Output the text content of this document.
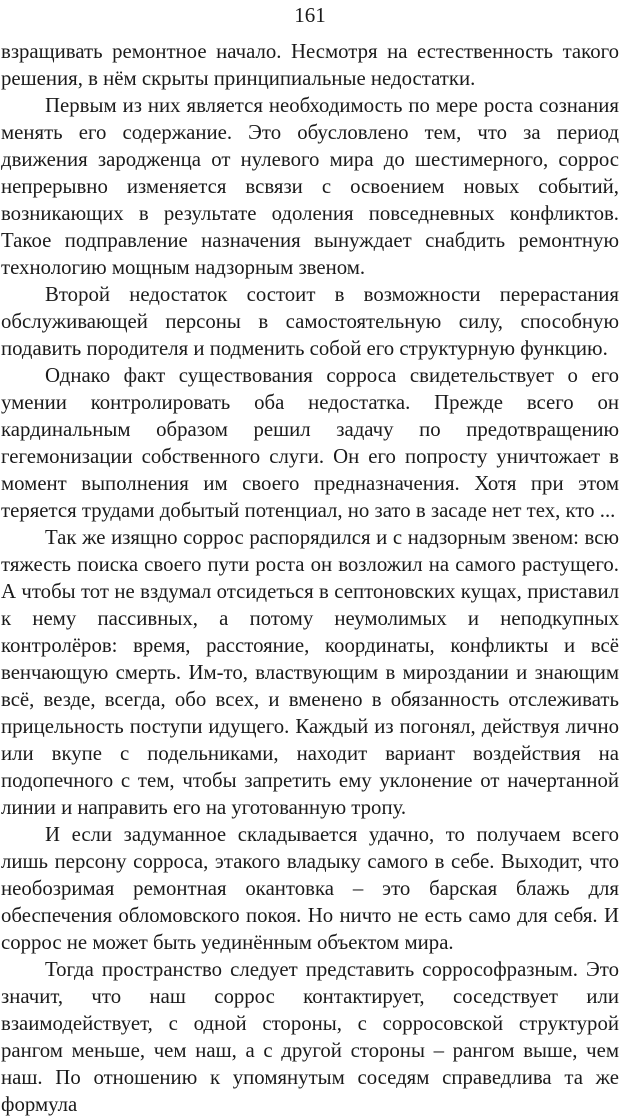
161

взращивать ремонтное начало. Несмотря на естественность такого решения, в нём скрыты принципиальные недостатки.

Первым из них является необходимость по мере роста сознания менять его содержание. Это обусловлено тем, что за период движения зародженца от нулевого мира до шестимерного, соррос непрерывно изменяется всвязи с освоением новых событий, возникающих в результате одоления повседневных конфликтов. Такое подправление назначения вынуждает снабдить ремонтную технологию мощным надзорным звеном.

Второй недостаток состоит в возможности перерастания обслуживающей персоны в самостоятельную силу, способную подавить породителя и подменить собой его структурную функцию.

Однако факт существования сорроса свидетельствует о его умении контролировать оба недостатка. Прежде всего он кардинальным образом решил задачу по предотвращению гегемонизации собственного слуги. Он его попросту уничтожает в момент выполнения им своего предназначения. Хотя при этом теряется трудами добытый потенциал, но зато в засаде нет тех, кто ...

Так же изящно соррос распорядился и с надзорным звеном: всю тяжесть поиска своего пути роста он возложил на самого растущего. А чтобы тот не вздумал отсидеться в септоновских кущах, приставил к нему пассивных, а потому неумолимых и неподкупных контролёров: время, расстояние, координаты, конфликты и всё венчающую смерть. Им-то, властвующим в мироздании и знающим всё, везде, всегда, обо всех, и вменено в обязанность отслеживать прицельность поступи идущего. Каждый из погонял, действуя лично или вкупе с подельниками, находит вариант воздействия на подопечного с тем, чтобы запретить ему уклонение от начертанной линии и направить его на уготованную тропу.

И если задуманное складывается удачно, то получаем всего лишь персону сорроса, этакого владыку самого в себе. Выходит, что необозримая ремонтная окантовка – это барская блажь для обеспечения обломовского покоя. Но ничто не есть само для себя. И соррос не может быть уединённым объектом мира.

Тогда пространство следует представить соррософразным. Это значит, что наш соррос контактирует, соседствует или взаимодействует, с одной стороны, с сорросовской структурой рангом меньше, чем наш, а с другой стороны – рангом выше, чем наш. По отношению к упомянутым соседям справедлива та же формула
